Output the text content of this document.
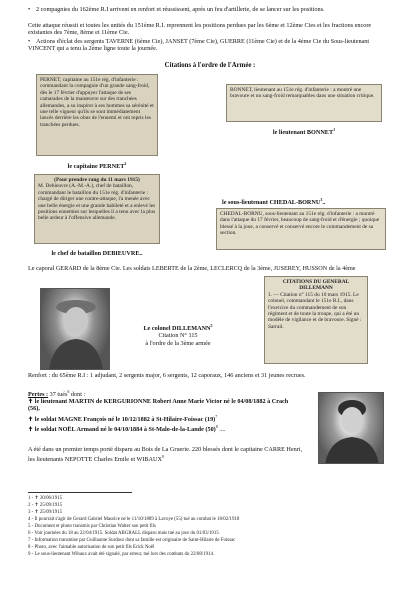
• 2 compagnies du 162ème R.I arrivent en renfort et réussissent, après un feu d'artillerie, de se lancer sur les positions.
Cette attaque réussit et toutes les unités du 151ème R.I. reprennent les positions perdues par les 6ème et 12ème Cies et les fractions encore existantes des 7ème, 8ème et 11ème Cie.
• Actions d'éclat des sergents TAVERNE (6ème Cie), JANSET (7ème Cie), GUERRE (11ème Cie) et de la 4ème Cie du Sous-lieutenant VINCENT qui a tenu la 2ème ligne toute la journée.
Citations à l'ordre de l'Armée :
PERNET, capitaine au 151e rég. d'infanterie : commandant la compagnie d'un grande sang-froid, dès le 17 février d'appuyer l'attaque de ses camarades de la manœuvre sur des tranchées allemandes, a su inspirer à ses hommes sa sérénité et une telle vigueur qu'ils se sont immédiatement lancés derrière les obus de l'ennemi et ont repris les tranchées perdues.
BONNET, lieutenant au 151e rég. d'infanterie : a montré une bravoure et un sang-froid remarquables dans une situation critique.
le lieutenant BONNET$^1$
le capitaine PERNET$^2$
(Pour prendre rang du 11 mars 1915)
M. Debieuvre (A.-M.-A.), chef de bataillon, commandant le bataillon du 151e rég. d'infanterie : chargé de diriger une contre-attaque, l'a menée avec une belle énergie et une grande habileté et a enlevé les positions ennemies sur lesquelles il a tenu avec la plus belle ardeur à l'offensive allemande.
le sous-lieutenant CHEDAL-BORNU$^3$..
CHEDAL-BORNU, sous-lieutenant au 151e rég. d'infanterie : a montré dans l'attaque du 17 février, beaucoup de sang-froid et d'énergie ; quoique blessé à la joue, a conservé et conservé encore le commandement de sa section.
le chef de bataillon DEBIEUVRE..
Le caporal GERARD de la 8ème Cie. Les soldats LEBERTE de la 2ème, LECLERCQ de la 3ème, JUSEREY, HUSSON de la 4ème
Le colonel DILLEMANN$^5$
Citation N° 115
à l'ordre de la 3ème armée
CITATIONS DU GENERAL DILLEMANN
1. — Citation n° 115 du 10 mars 1915. Le colonel, commandant le 151e R.I., dans l'exercice du commandement de son régiment et de toute la troupe, qui a été un modèle de vigilance et de bravoure. Signé : Sarrail.
Renfort : du 65ème R.I : 1 adjudant, 2 sergents major, 6 sergents, 12 caporaux, 146 anciens et 31 jeunes recrues.
Pertes : 37 tués$^6$ dont :
✝ le lieutenant MARTIN de KERGURIONNE Robert Anne Marie Victor né le 04/08/1882 à Crach (56),
✝ le soldat MAGNE François né le 10/12/1882 à St-Hilaire-Foissac $(19)^7$
✝ le soldat NOËL Armand né le 04/10/1884 à St-Malo-de-la-Lande $(50)^8$ ....
A été dans un premier temps porté disparu au Bois de La Gruerie. 220 blessés dont le capitaine CARRE Henri, les lieutenants NEPOTTE Charles Emile et WIBAUX$^9$
1 - ✝ 30/06/1915
2 - ✝ 25/09/1915
3 - ✝ 25/09/1915
4 - Il pourrait s'agir de Gerard Gabriel Maurice né le 11/10/1889 à Lavoye (55) tué au combat le 18/02/1918
5 - Document et photo transmis par Christian Walter son petit fils
6 - Voir journées du 18 au 22/04/1915. Soldat ABGRALL disparu mais tué au jour du 01/03/1915
7 - Information transmise par Guillaume Surdour dont sa famille est originaire de Saint-Hilaire de Foissac
8 - Photo, avec l'aimable autorisation de son petit fils Erick Noël
9 - Le sous-lieutenant Wibaux avait été signalé, par erreur, tué lors des combats du 22/08/1914.
